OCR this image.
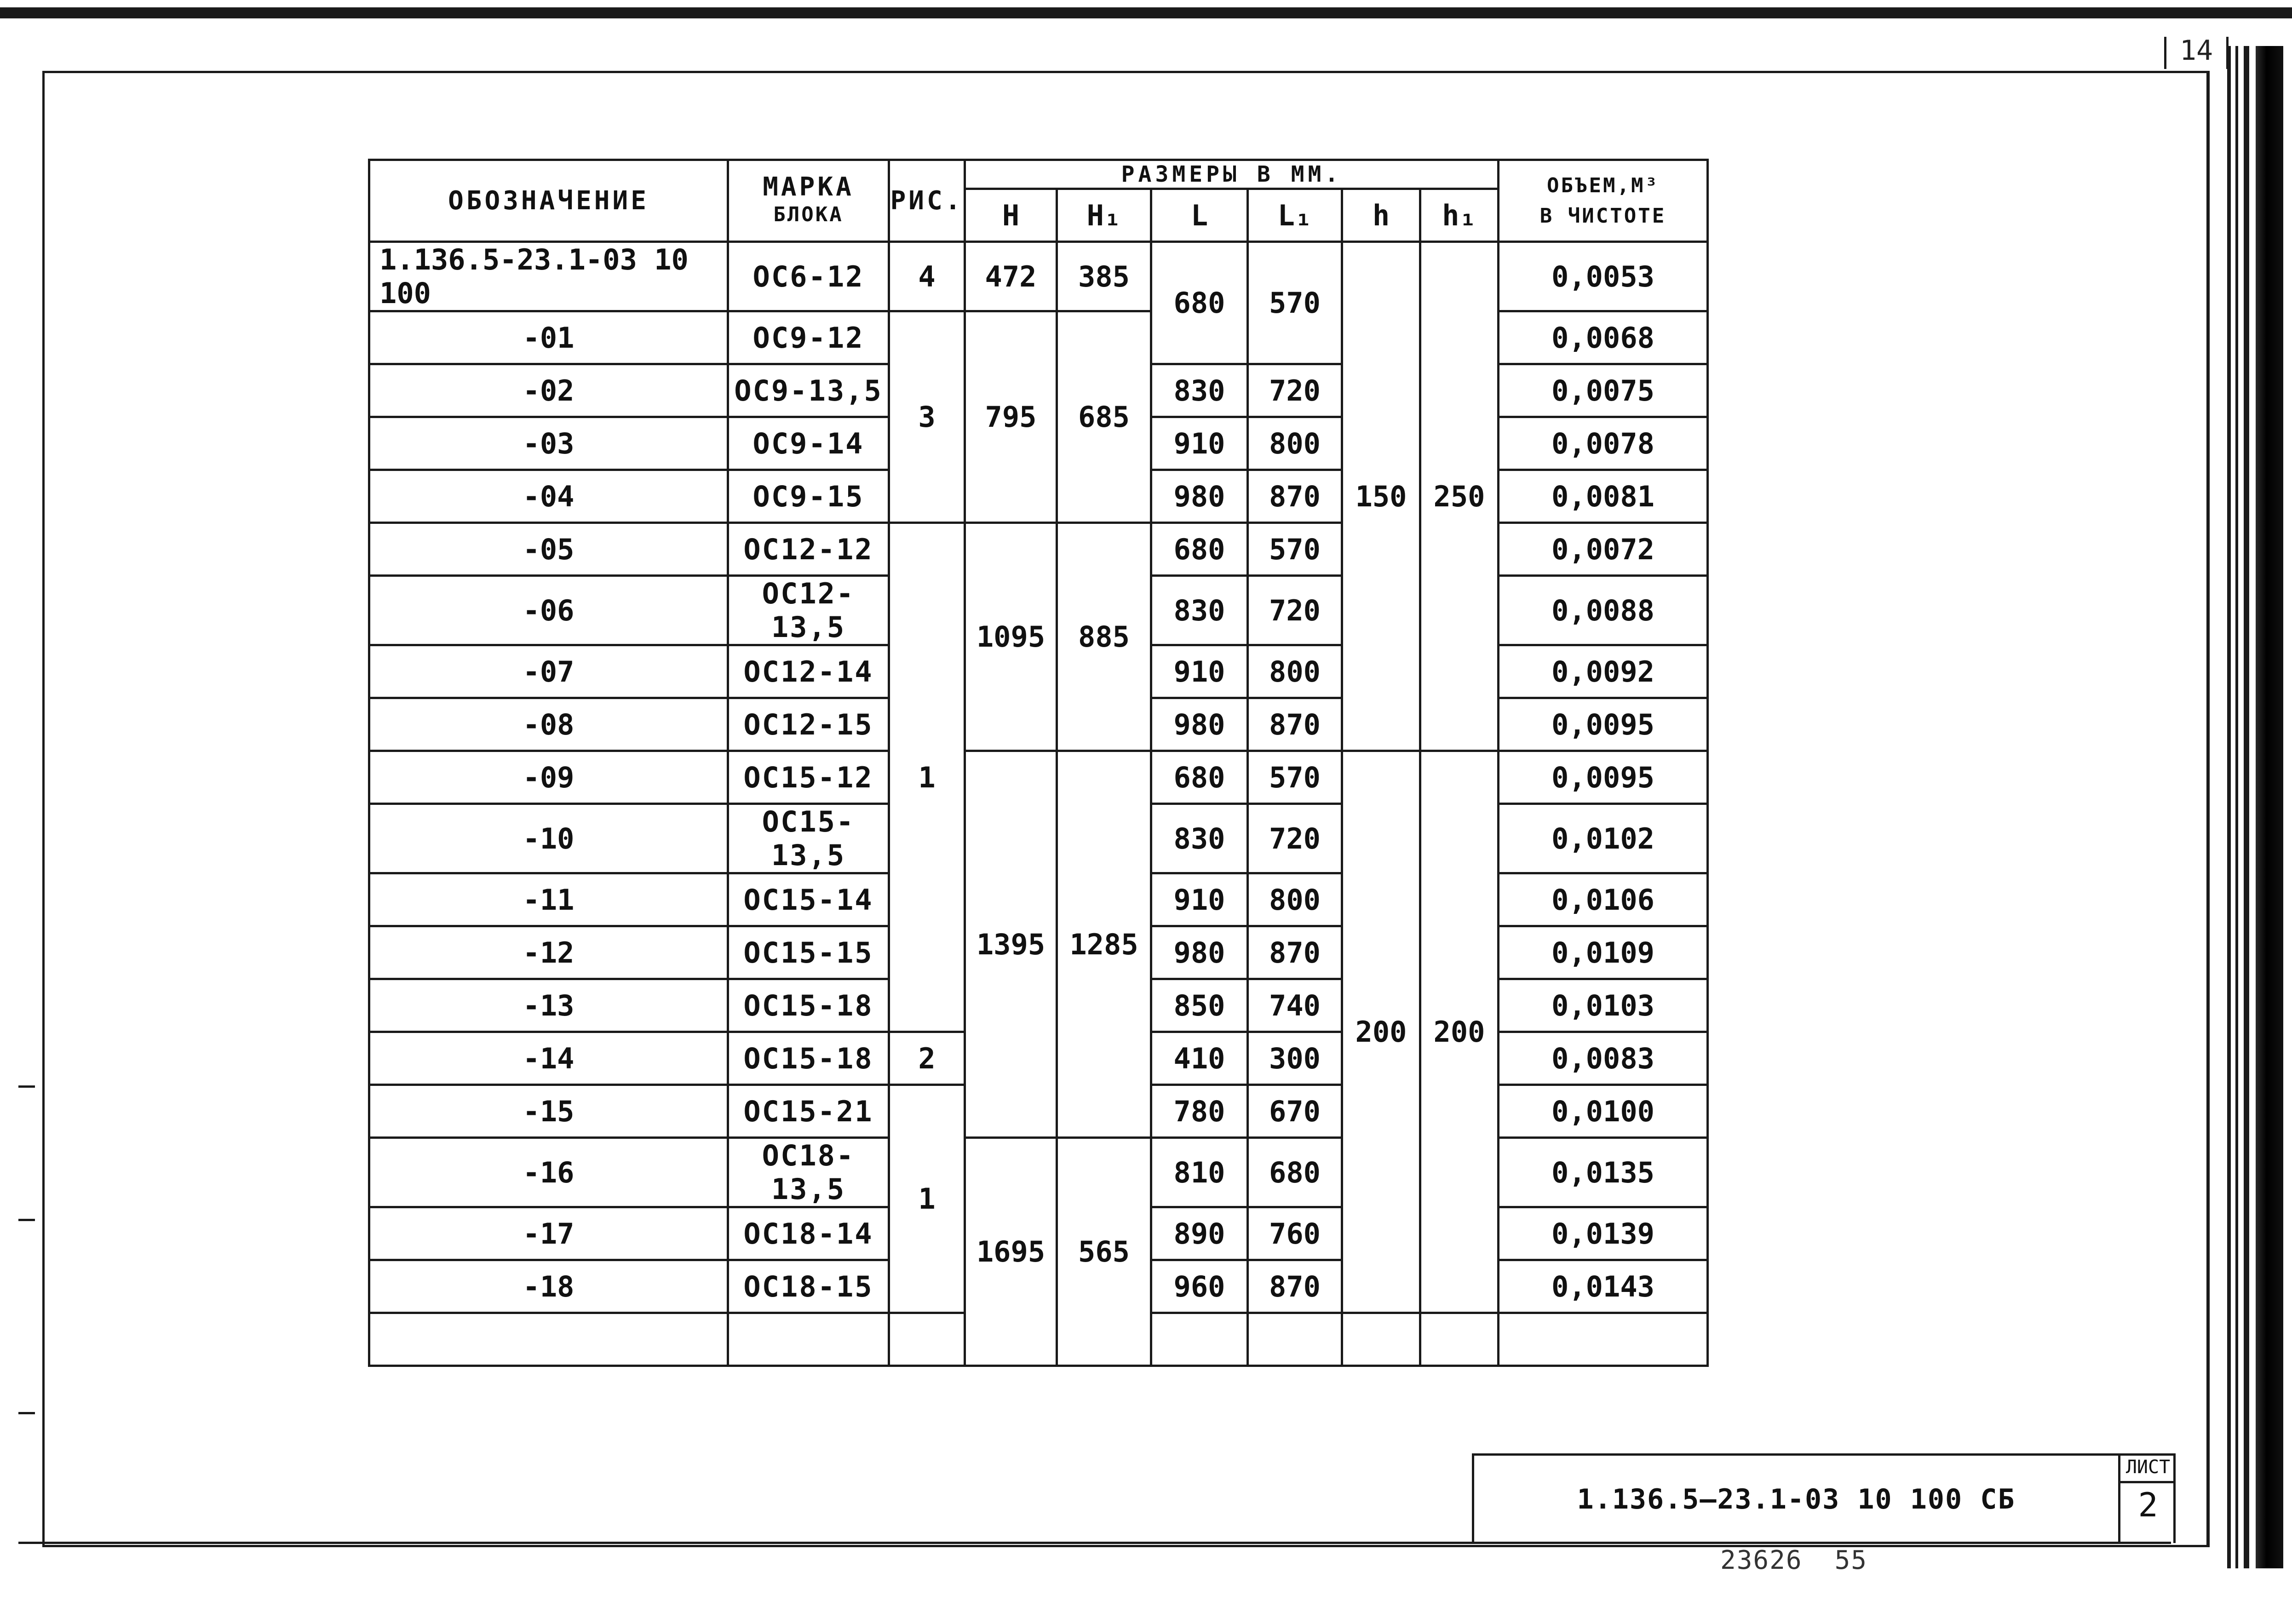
14
ОБОЗНАЧЕНИЕ	МАРКА
БЛОКА	РИС.	РАЗМЕРЫ В ММ.						ОБЪЕМ,М³
В ЧИСТОТЕ	
			H	H₁	L	L₁	h	h₁		
1.136.5-23.1-03 10 100	ОС6-12	4	472	385	680	570	150	250	0,0053	
-01	ОС9-12	3	795	685					0,0068	
-02	ОС9-13,5				830	720			0,0075	
-03	ОС9-14				910	800			0,0078	
-04	ОС9-15				980	870			0,0081	
-05	ОС12-12	1	1095	885	680	570			0,0072	
-06	ОС12-13,5				830	720			0,0088	
-07	ОС12-14				910	800			0,0092	
-08	ОС12-15				980	870			0,0095	
-09	ОС15-12		1395	1285	680	570	200	200	0,0095	
-10	ОС15-13,5				830	720			0,0102	
-11	ОС15-14				910	800			0,0106	
-12	ОС15-15				980	870			0,0109	
-13	ОС15-18				850	740			0,0103	
-14	ОС15-18	2			410	300			0,0083	
-15	ОС15-21	1			780	670			0,0100	
-16	ОС18-13,5		1695	565	810	680			0,0135	
-17	ОС18-14				890	760			0,0139	
-18	ОС18-15				960	870			0,0143	

1.136.5—23.1-03 10 100 СБ
ЛИСТ
2
23626 55
